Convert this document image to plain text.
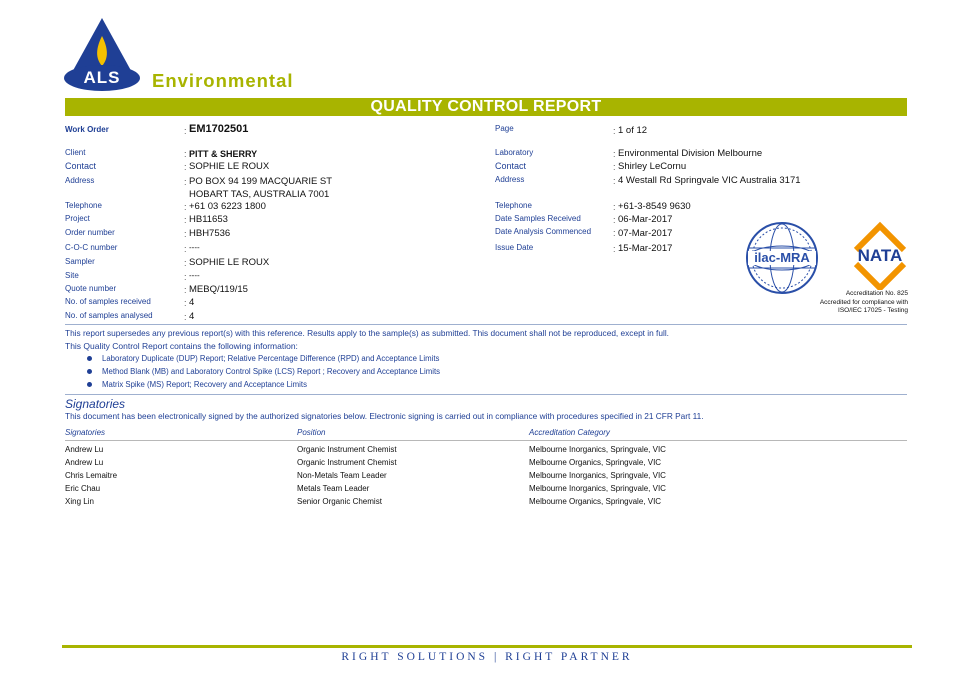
ALS	Environmental
QUALITY CONTROL REPORT
Work Order	: EM1702501
Client	: PITT & SHERRY
Contact	: SOPHIE LE ROUX
Address	: PO BOX 94 199 MACQUARIE ST
HOBART TAS, AUSTRALIA 7001
Telephone	: +61 03 6223 1800
Project	: HB11653
Order number	: HBH7536
C-O-C number	: ----
Sampler	: SOPHIE LE ROUX
Site	: ----
Quote number	: MEBQ/119/15
No. of samples received	: 4
No. of samples analysed	: 4
Page	: 1 of 12
Laboratory	: Environmental Division Melbourne
Contact	: Shirley LeCornu
Address	: 4 Westall Rd Springvale VIC Australia 3171
Telephone	: +61-3-8549 9630
Date Samples Received	: 06-Mar-2017
Date Analysis Commenced : 07-Mar-2017
Issue Date	: 15-Mar-2017
ilac-MRA	NATA
Accreditation No. 825
Accredited for compliance with
ISO/IEC 17025 - Testing
This report supersedes any previous report(s) with this reference. Results apply to the sample(s) as submitted. This document shall not be reproduced, except in full.
This Quality Control Report contains the following information:
Laboratory Duplicate (DUP) Report; Relative Percentage Difference (RPD) and Acceptance Limits
Method Blank (MB) and Laboratory Control Spike (LCS) Report ; Recovery and Acceptance Limits
Matrix Spike (MS) Report; Recovery and Acceptance Limits
Signatories
This document has been electronically signed by the authorized signatories below. Electronic signing is carried out in compliance with procedures specified in 21 CFR Part 11.
Signatories	Position	Accreditation Category
Andrew Lu	Organic Instrument Chemist	Melbourne Inorganics, Springvale, VIC
Andrew Lu	Organic Instrument Chemist	Melbourne Organics, Springvale, VIC
Chris Lemaitre	Non-Metals Team Leader	Melbourne Inorganics, Springvale, VIC
Eric Chau	Metals Team Leader	Melbourne Inorganics, Springvale, VIC
Xing Lin	Senior Organic Chemist	Melbourne Organics, Springvale, VIC
RIGHT SOLUTIONS | RIGHT PARTNER
